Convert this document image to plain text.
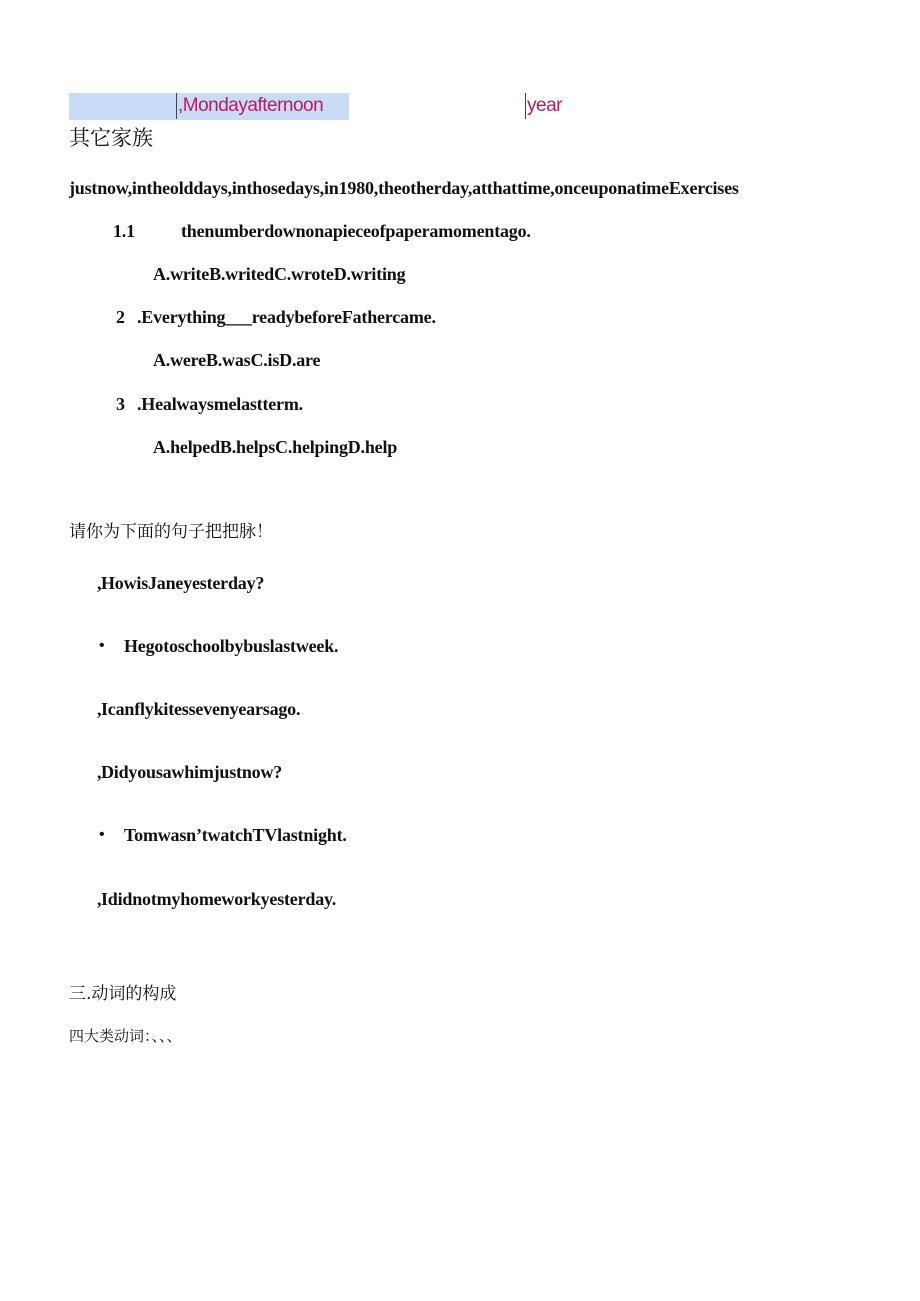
,Mondayafternoon	year
其它家族
justnow,intheolddays,inthosedays,in1980,theotherday,atthattime,onceuponatimeExercises
1.1	thenumberdownonapieceofpaperamomentago.
A.writeB.writedC.wroteD.writing
2 .Everything___readybeforeFathercame.
A.wereB.wasC.isD.are
3 .Healwaysmelastterm.
A.helpedB.helpsC.helpingD.help
请你为下面的句子把把脉！
, HowisJaneyesterday?
• Hegotoschoolbybuslastweek.
, Icanflykitessevenyearsago.
, Didyousawhimjustnow?
• Tomwasn’twatchTVlastnight.
, Ididnotmyhomeworkyesterday.
三.动词的构成
四大类动词：、、、
